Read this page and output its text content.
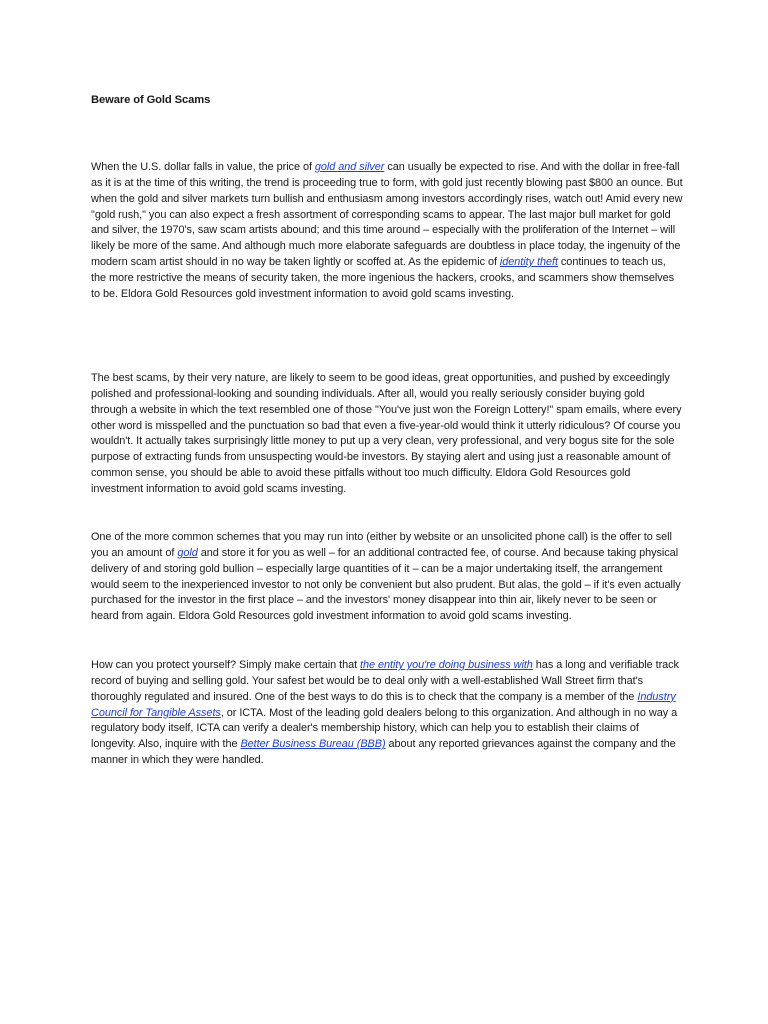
Beware of Gold Scams

When the U.S. dollar falls in value, the price of gold and silver can usually be expected to rise. And with the dollar in free-fall as it is at the time of this writing, the trend is proceeding true to form, with gold just recently blowing past $800 an ounce. But when the gold and silver markets turn bullish and enthusiasm among investors accordingly rises, watch out! Amid every new "gold rush," you can also expect a fresh assortment of corresponding scams to appear. The last major bull market for gold and silver, the 1970's, saw scam artists abound; and this time around – especially with the proliferation of the Internet – will likely be more of the same. And although much more elaborate safeguards are doubtless in place today, the ingenuity of the modern scam artist should in no way be taken lightly or scoffed at. As the epidemic of identity theft continues to teach us, the more restrictive the means of security taken, the more ingenious the hackers, crooks, and scammers show themselves to be. Eldora Gold Resources gold investment information to avoid gold scams investing.

The best scams, by their very nature, are likely to seem to be good ideas, great opportunities, and pushed by exceedingly polished and professional-looking and sounding individuals. After all, would you really seriously consider buying gold through a website in which the text resembled one of those "You've just won the Foreign Lottery!" spam emails, where every other word is misspelled and the punctuation so bad that even a five-year-old would think it utterly ridiculous? Of course you wouldn't. It actually takes surprisingly little money to put up a very clean, very professional, and very bogus site for the sole purpose of extracting funds from unsuspecting would-be investors. By staying alert and using just a reasonable amount of common sense, you should be able to avoid these pitfalls without too much difficulty. Eldora Gold Resources gold investment information to avoid gold scams investing.

One of the more common schemes that you may run into (either by website or an unsolicited phone call) is the offer to sell you an amount of gold and store it for you as well – for an additional contracted fee, of course. And because taking physical delivery of and storing gold bullion – especially large quantities of it – can be a major undertaking itself, the arrangement would seem to the inexperienced investor to not only be convenient but also prudent. But alas, the gold – if it's even actually purchased for the investor in the first place – and the investors' money disappear into thin air, likely never to be seen or heard from again. Eldora Gold Resources gold investment information to avoid gold scams investing.

How can you protect yourself? Simply make certain that the entity you're doing business with has a long and verifiable track record of buying and selling gold. Your safest bet would be to deal only with a well-established Wall Street firm that's thoroughly regulated and insured. One of the best ways to do this is to check that the company is a member of the Industry Council for Tangible Assets, or ICTA. Most of the leading gold dealers belong to this organization. And although in no way a regulatory body itself, ICTA can verify a dealer's membership history, which can help you to establish their claims of longevity. Also, inquire with the Better Business Bureau (BBB) about any reported grievances against the company and the manner in which they were handled.
